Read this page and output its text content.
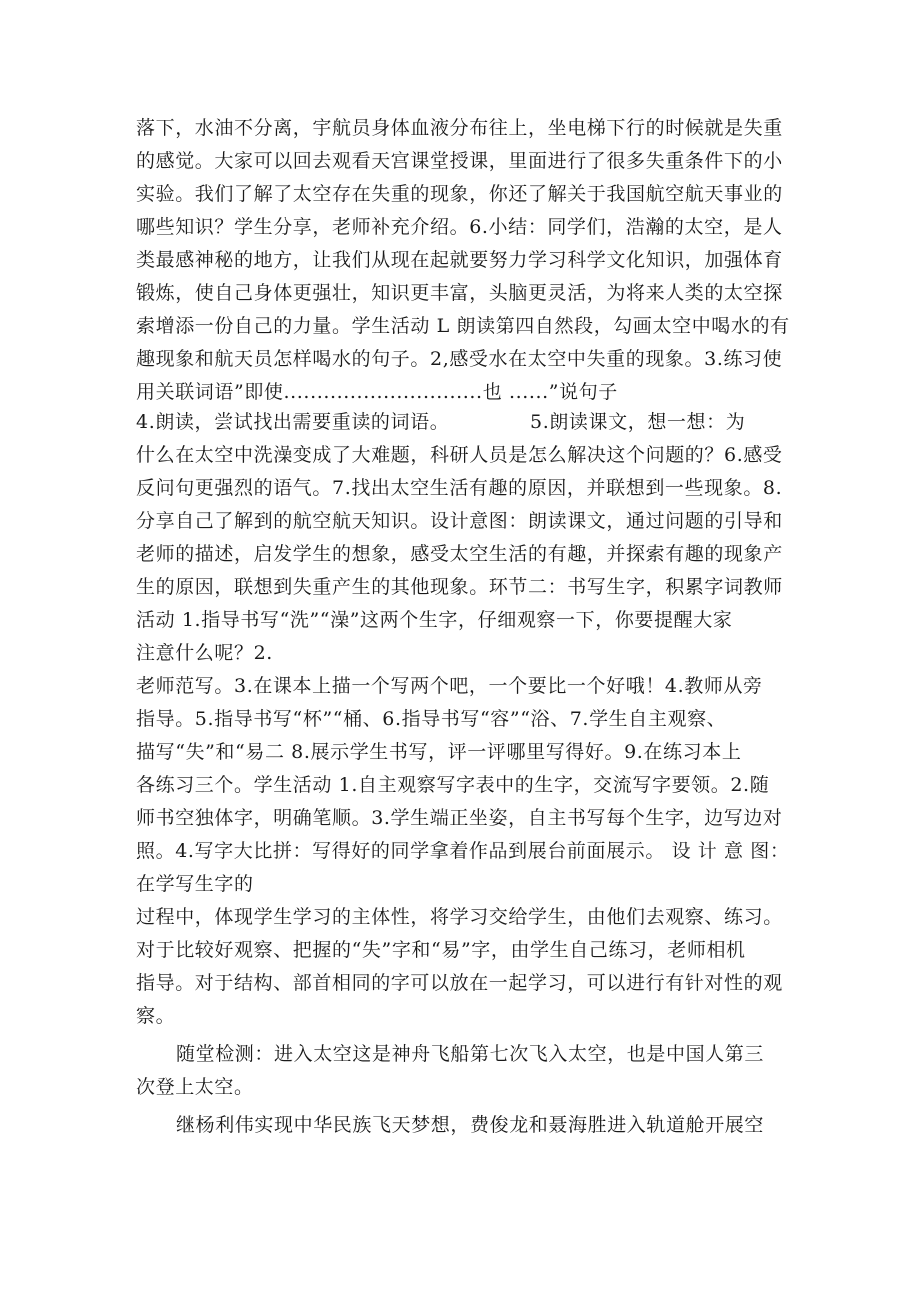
落下，水油不分离，宇航员身体血液分布往上，坐电梯下行的时候就是失重
的感觉。大家可以回去观看天宫课堂授课，里面进行了很多失重条件下的小
实验。我们了解了太空存在失重的现象，你还了解关于我国航空航天事业的
哪些知识？学生分享，老师补充介绍。6.小结：同学们，浩瀚的太空，是人
类最感神秘的地方，让我们从现在起就要努力学习科学文化知识，加强体育
锻炼，使自己身体更强壮，知识更丰富，头脑更灵活，为将来人类的太空探
索增添一份自己的力量。学生活动 L 朗读第四自然段，勾画太空中喝水的有
趣现象和航天员怎样喝水的句子。2,感受水在太空中失重的现象。3.练习使
用关联词语”即使..............................也 ......”说句子
4.朗读，尝试找出需要重读的词语。	5.朗读课文，想一想：为
什么在太空中洗澡变成了大难题，科研人员是怎么解决这个问题的？6.感受
反问句更强烈的语气。7.找出太空生活有趣的原因，并联想到一些现象。8.
分享自己了解到的航空航天知识。设计意图：朗读课文，通过问题的引导和
老师的描述，启发学生的想象，感受太空生活的有趣，并探索有趣的现象产
生的原因，联想到失重产生的其他现象。环节二：书写生字，积累字词教师
活动 1.指导书写“洗”“澡”这两个生字，仔细观察一下，你要提醒大家
注意什么呢？2.
老师范写。3.在课本上描一个写两个吧，一个要比一个好哦！4.教师从旁
指导。5.指导书写“杯”“桶、6.指导书写“容”“浴、7.学生自主观察、
描写“失”和“易二 8.展示学生书写，评一评哪里写得好。9.在练习本上
各练习三个。学生活动 1.自主观察写字表中的生字，交流写字要领。2.随
师书空独体字，明确笔顺。3.学生端正坐姿，自主书写每个生字，边写边对
照。4.写字大比拼：写得好的同学拿着作品到展台前面展示。 设 计 意 图：
在学写生字的
过程中，体现学生学习的主体性，将学习交给学生，由他们去观察、练习。
对于比较好观察、把握的“失”字和“易”字，由学生自己练习，老师相机
指导。对于结构、部首相同的字可以放在一起学习，可以进行有针对性的观
察。
随堂检测：进入太空这是神舟飞船第七次飞入太空，也是中国人第三
次登上太空。
继杨利伟实现中华民族飞天梦想，费俊龙和聂海胜进入轨道舱开展空
